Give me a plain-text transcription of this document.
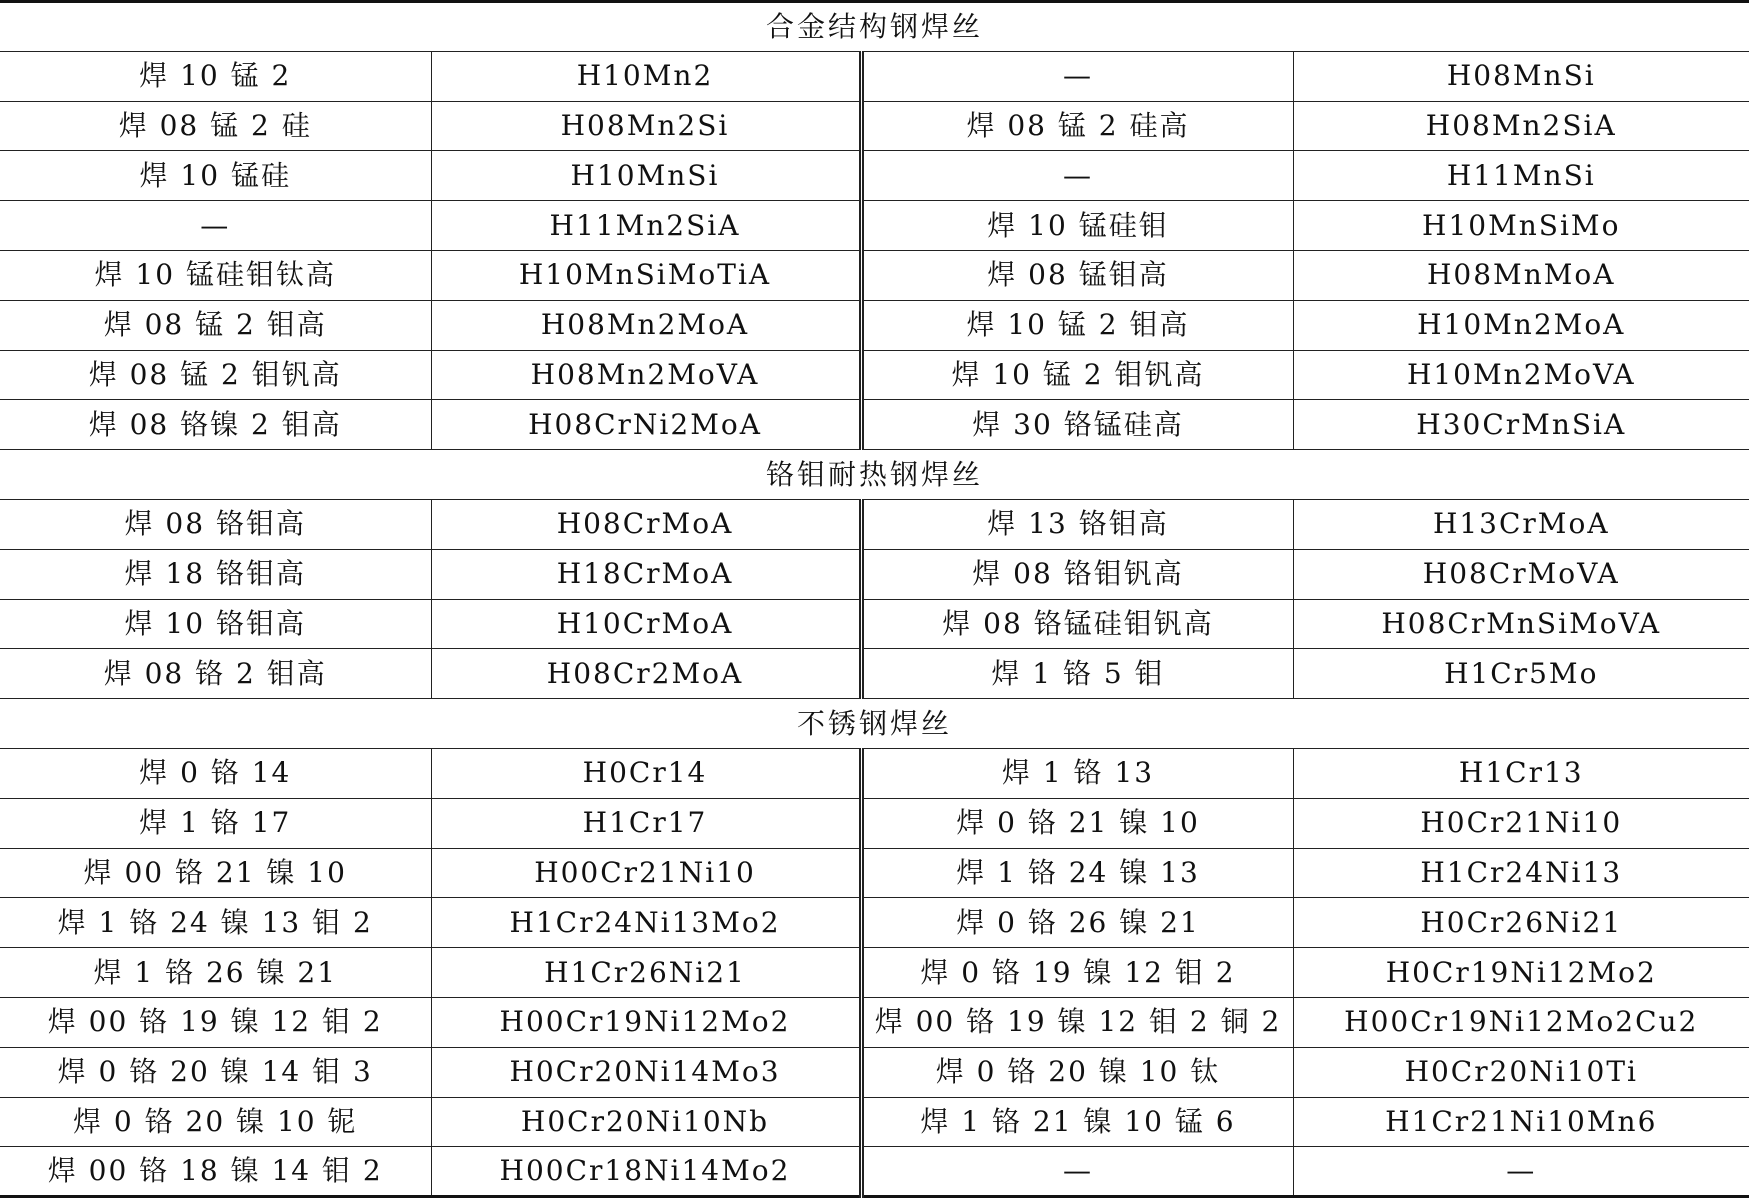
合金结构钢焊丝			
焊 10 锰 2	H10Mn2	—	H08MnSi
焊 08 锰 2 硅	H08Mn2Si	焊 08 锰 2 硅高	H08Mn2SiA
焊 10 锰硅	H10MnSi	—	H11MnSi
—	H11Mn2SiA	焊 10 锰硅钼	H10MnSiMo
焊 10 锰硅钼钛高	H10MnSiMoTiA	焊 08 锰钼高	H08MnMoA
焊 08 锰 2 钼高	H08Mn2MoA	焊 10 锰 2 钼高	H10Mn2MoA
焊 08 锰 2 钼钒高	H08Mn2MoVA	焊 10 锰 2 钼钒高	H10Mn2MoVA
焊 08 铬镍 2 钼高	H08CrNi2MoA	焊 30 铬锰硅高	H30CrMnSiA
铬钼耐热钢焊丝			
焊 08 铬钼高	H08CrMoA	焊 13 铬钼高	H13CrMoA
焊 18 铬钼高	H18CrMoA	焊 08 铬钼钒高	H08CrMoVA
焊 10 铬钼高	H10CrMoA	焊 08 铬锰硅钼钒高	H08CrMnSiMoVA
焊 08 铬 2 钼高	H08Cr2MoA	焊 1 铬 5 钼	H1Cr5Mo
不锈钢焊丝			
焊 0 铬 14	H0Cr14	焊 1 铬 13	H1Cr13
焊 1 铬 17	H1Cr17	焊 0 铬 21 镍 10	H0Cr21Ni10
焊 00 铬 21 镍 10	H00Cr21Ni10	焊 1 铬 24 镍 13	H1Cr24Ni13
焊 1 铬 24 镍 13 钼 2	H1Cr24Ni13Mo2	焊 0 铬 26 镍 21	H0Cr26Ni21
焊 1 铬 26 镍 21	H1Cr26Ni21	焊 0 铬 19 镍 12 钼 2	H0Cr19Ni12Mo2
焊 00 铬 19 镍 12 钼 2	H00Cr19Ni12Mo2	焊 00 铬 19 镍 12 钼 2 铜 2	H00Cr19Ni12Mo2Cu2
焊 0 铬 20 镍 14 钼 3	H0Cr20Ni14Mo3	焊 0 铬 20 镍 10 钛	H0Cr20Ni10Ti
焊 0 铬 20 镍 10 铌	H0Cr20Ni10Nb	焊 1 铬 21 镍 10 锰 6	H1Cr21Ni10Mn6
焊 00 铬 18 镍 14 钼 2	H00Cr18Ni14Mo2	—	—
